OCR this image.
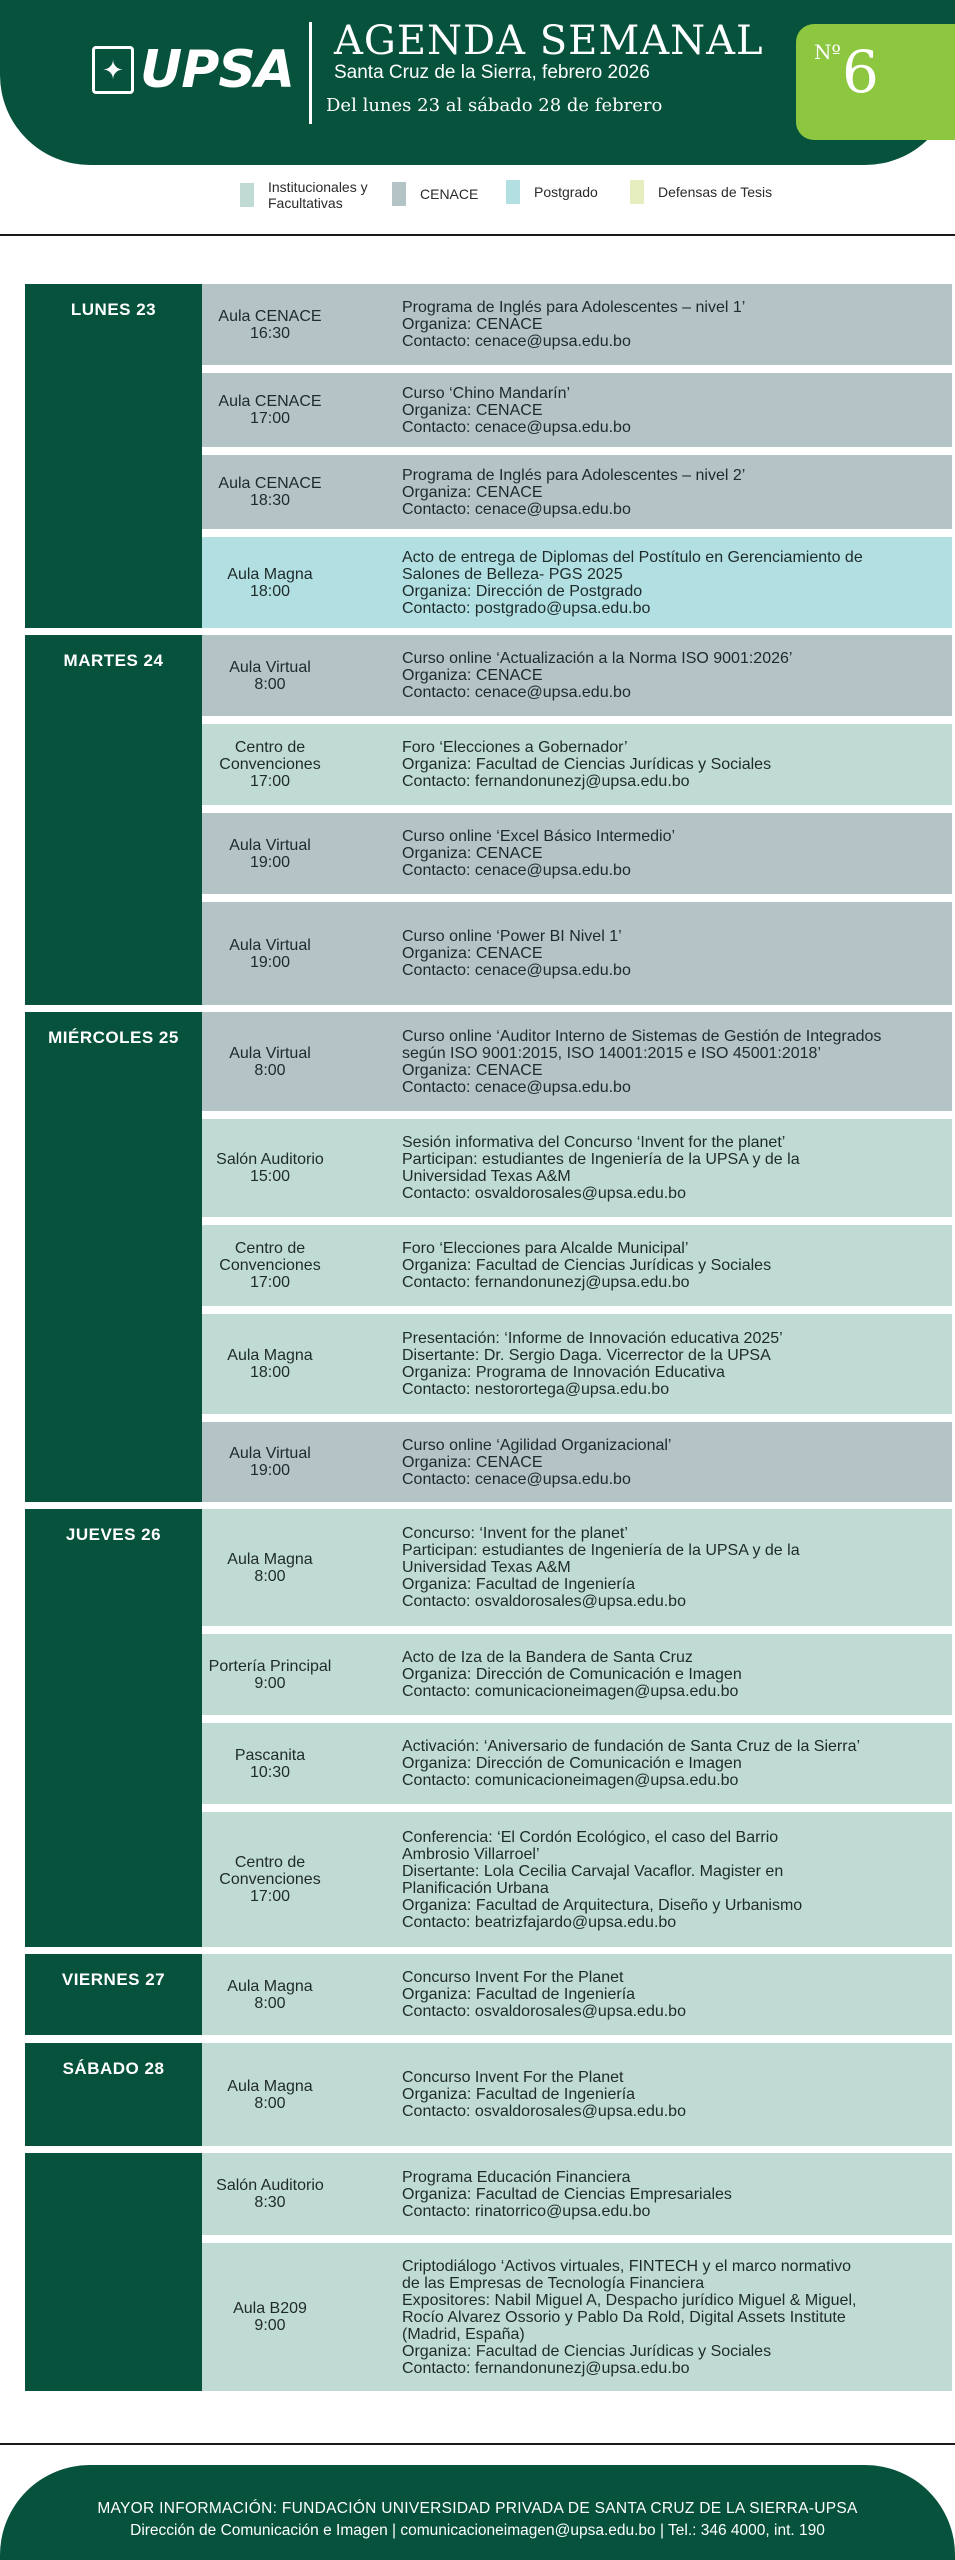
✦ UPSA AGENDA SEMANAL
Santa Cruz de la Sierra, febrero 2026
Del lunes 23 al sábado 28 de febrero
Nº 6
Institucionales y Facultativas
CENACE	Postgrado	Defensas de Tesis
LUNES 23
MARTES 24
MIÉRCOLES 25
JUEVES 26
VIERNES 27
SÁBADO 28
Aula CENACE
16:30
Programa de Inglés para Adolescentes – nivel 1’
Organiza: CENACE
Contacto: cenace@upsa.edu.bo
Aula CENACE
17:00
Curso ‘Chino Mandarín’
Organiza: CENACE
Contacto: cenace@upsa.edu.bo
Aula CENACE
18:30
Programa de Inglés para Adolescentes – nivel 2’
Organiza: CENACE
Contacto: cenace@upsa.edu.bo
Aula Magna
18:00
Acto de entrega de Diplomas del Postítulo en Gerenciamiento de
Salones de Belleza- PGS 2025
Organiza: Dirección de Postgrado
Contacto: postgrado@upsa.edu.bo
Aula Virtual
8:00
Curso online ‘Actualización a la Norma ISO 9001:2026’
Organiza: CENACE
Contacto: cenace@upsa.edu.bo
Centro de
Convenciones
17:00
Foro ‘Elecciones a Gobernador’
Organiza: Facultad de Ciencias Jurídicas y Sociales
Contacto: fernandonunezj@upsa.edu.bo
Aula Virtual
19:00
Curso online ‘Excel Básico Intermedio’
Organiza: CENACE
Contacto: cenace@upsa.edu.bo
Aula Virtual
19:00
Curso online ‘Power BI Nivel 1’
Organiza: CENACE
Contacto: cenace@upsa.edu.bo
Aula Virtual
8:00
Curso online ‘Auditor Interno de Sistemas de Gestión de Integrados
según ISO 9001:2015, ISO 14001:2015 e ISO 45001:2018’
Organiza: CENACE
Contacto: cenace@upsa.edu.bo
Salón Auditorio
15:00
Sesión informativa del Concurso ‘Invent for the planet’
Participan: estudiantes de Ingeniería de la UPSA y de la
Universidad Texas A&M
Contacto: osvaldorosales@upsa.edu.bo
Centro de
Convenciones
17:00
Foro ‘Elecciones para Alcalde Municipal’
Organiza: Facultad de Ciencias Jurídicas y Sociales
Contacto: fernandonunezj@upsa.edu.bo
Aula Magna
18:00
Presentación: ‘Informe de Innovación educativa 2025’
Disertante: Dr. Sergio Daga. Vicerrector de la UPSA
Organiza: Programa de Innovación Educativa
Contacto: nestorortega@upsa.edu.bo
Aula Virtual
19:00
Curso online ‘Agilidad Organizacional’
Organiza: CENACE
Contacto: cenace@upsa.edu.bo
Aula Magna
8:00
Concurso: ‘Invent for the planet’
Participan: estudiantes de Ingeniería de la UPSA y de la
Universidad Texas A&M
Organiza: Facultad de Ingeniería
Contacto: osvaldorosales@upsa.edu.bo
Portería Principal
9:00
Acto de Iza de la Bandera de Santa Cruz
Organiza: Dirección de Comunicación e Imagen
Contacto: comunicacioneimagen@upsa.edu.bo
Pascanita
10:30
Activación: ‘Aniversario de fundación de Santa Cruz de la Sierra’
Organiza: Dirección de Comunicación e Imagen
Contacto: comunicacioneimagen@upsa.edu.bo
Centro de
Convenciones
17:00
Conferencia: ‘El Cordón Ecológico, el caso del Barrio
Ambrosio Villarroel’
Disertante: Lola Cecilia Carvajal Vacaflor. Magister en
Planificación Urbana
Organiza: Facultad de Arquitectura, Diseño y Urbanismo
Contacto: beatrizfajardo@upsa.edu.bo
Aula Magna
8:00
Concurso Invent For the Planet
Organiza: Facultad de Ingeniería
Contacto: osvaldorosales@upsa.edu.bo
Aula Magna
8:00
Concurso Invent For the Planet
Organiza: Facultad de Ingeniería
Contacto: osvaldorosales@upsa.edu.bo
Salón Auditorio
8:30
Programa Educación Financiera
Organiza: Facultad de Ciencias Empresariales
Contacto: rinatorrico@upsa.edu.bo
Aula B209
9:00
Criptodiálogo ‘Activos virtuales, FINTECH y el marco normativo
de las Empresas de Tecnología Financiera
Expositores: Nabil Miguel A, Despacho jurídico Miguel & Miguel,
Rocío Alvarez Ossorio y Pablo Da Rold, Digital Assets Institute
(Madrid, España)
Organiza: Facultad de Ciencias Jurídicas y Sociales
Contacto: fernandonunezj@upsa.edu.bo
MAYOR INFORMACIÓN: FUNDACIÓN UNIVERSIDAD PRIVADA DE SANTA CRUZ DE LA SIERRA-UPSA
Dirección de Comunicación e Imagen | comunicacioneimagen@upsa.edu.bo | Tel.: 346 4000, int. 190
